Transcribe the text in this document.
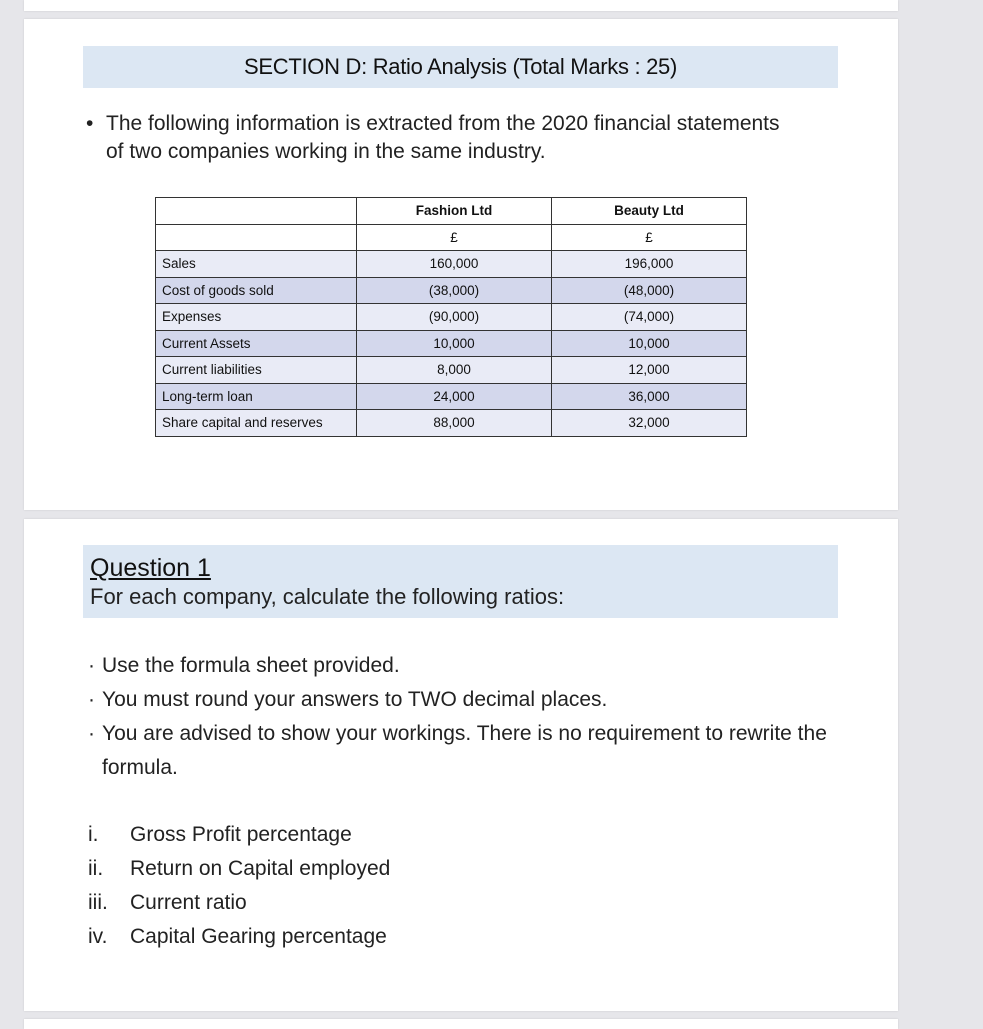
SECTION D: Ratio Analysis (Total Marks : 25)
• The following information is extracted from the 2020 financial statements of two companies working in the same industry.
	Fashion Ltd	Beauty Ltd
	£	£
Sales	160,000	196,000
Cost of goods sold	(38,000)	(48,000)
Expenses	(90,000)	(74,000)
Current Assets	10,000	10,000
Current liabilities	8,000	12,000
Long-term loan	24,000	36,000
Share capital and reserves	88,000	32,000
Question 1
For each company, calculate the following ratios:
· Use the formula sheet provided.
· You must round your answers to TWO decimal places.
· You are advised to show your workings. There is no requirement to rewrite the formula.
i.	Gross Profit percentage
ii.	Return on Capital employed
iii.	Current ratio
iv.	Capital Gearing percentage
